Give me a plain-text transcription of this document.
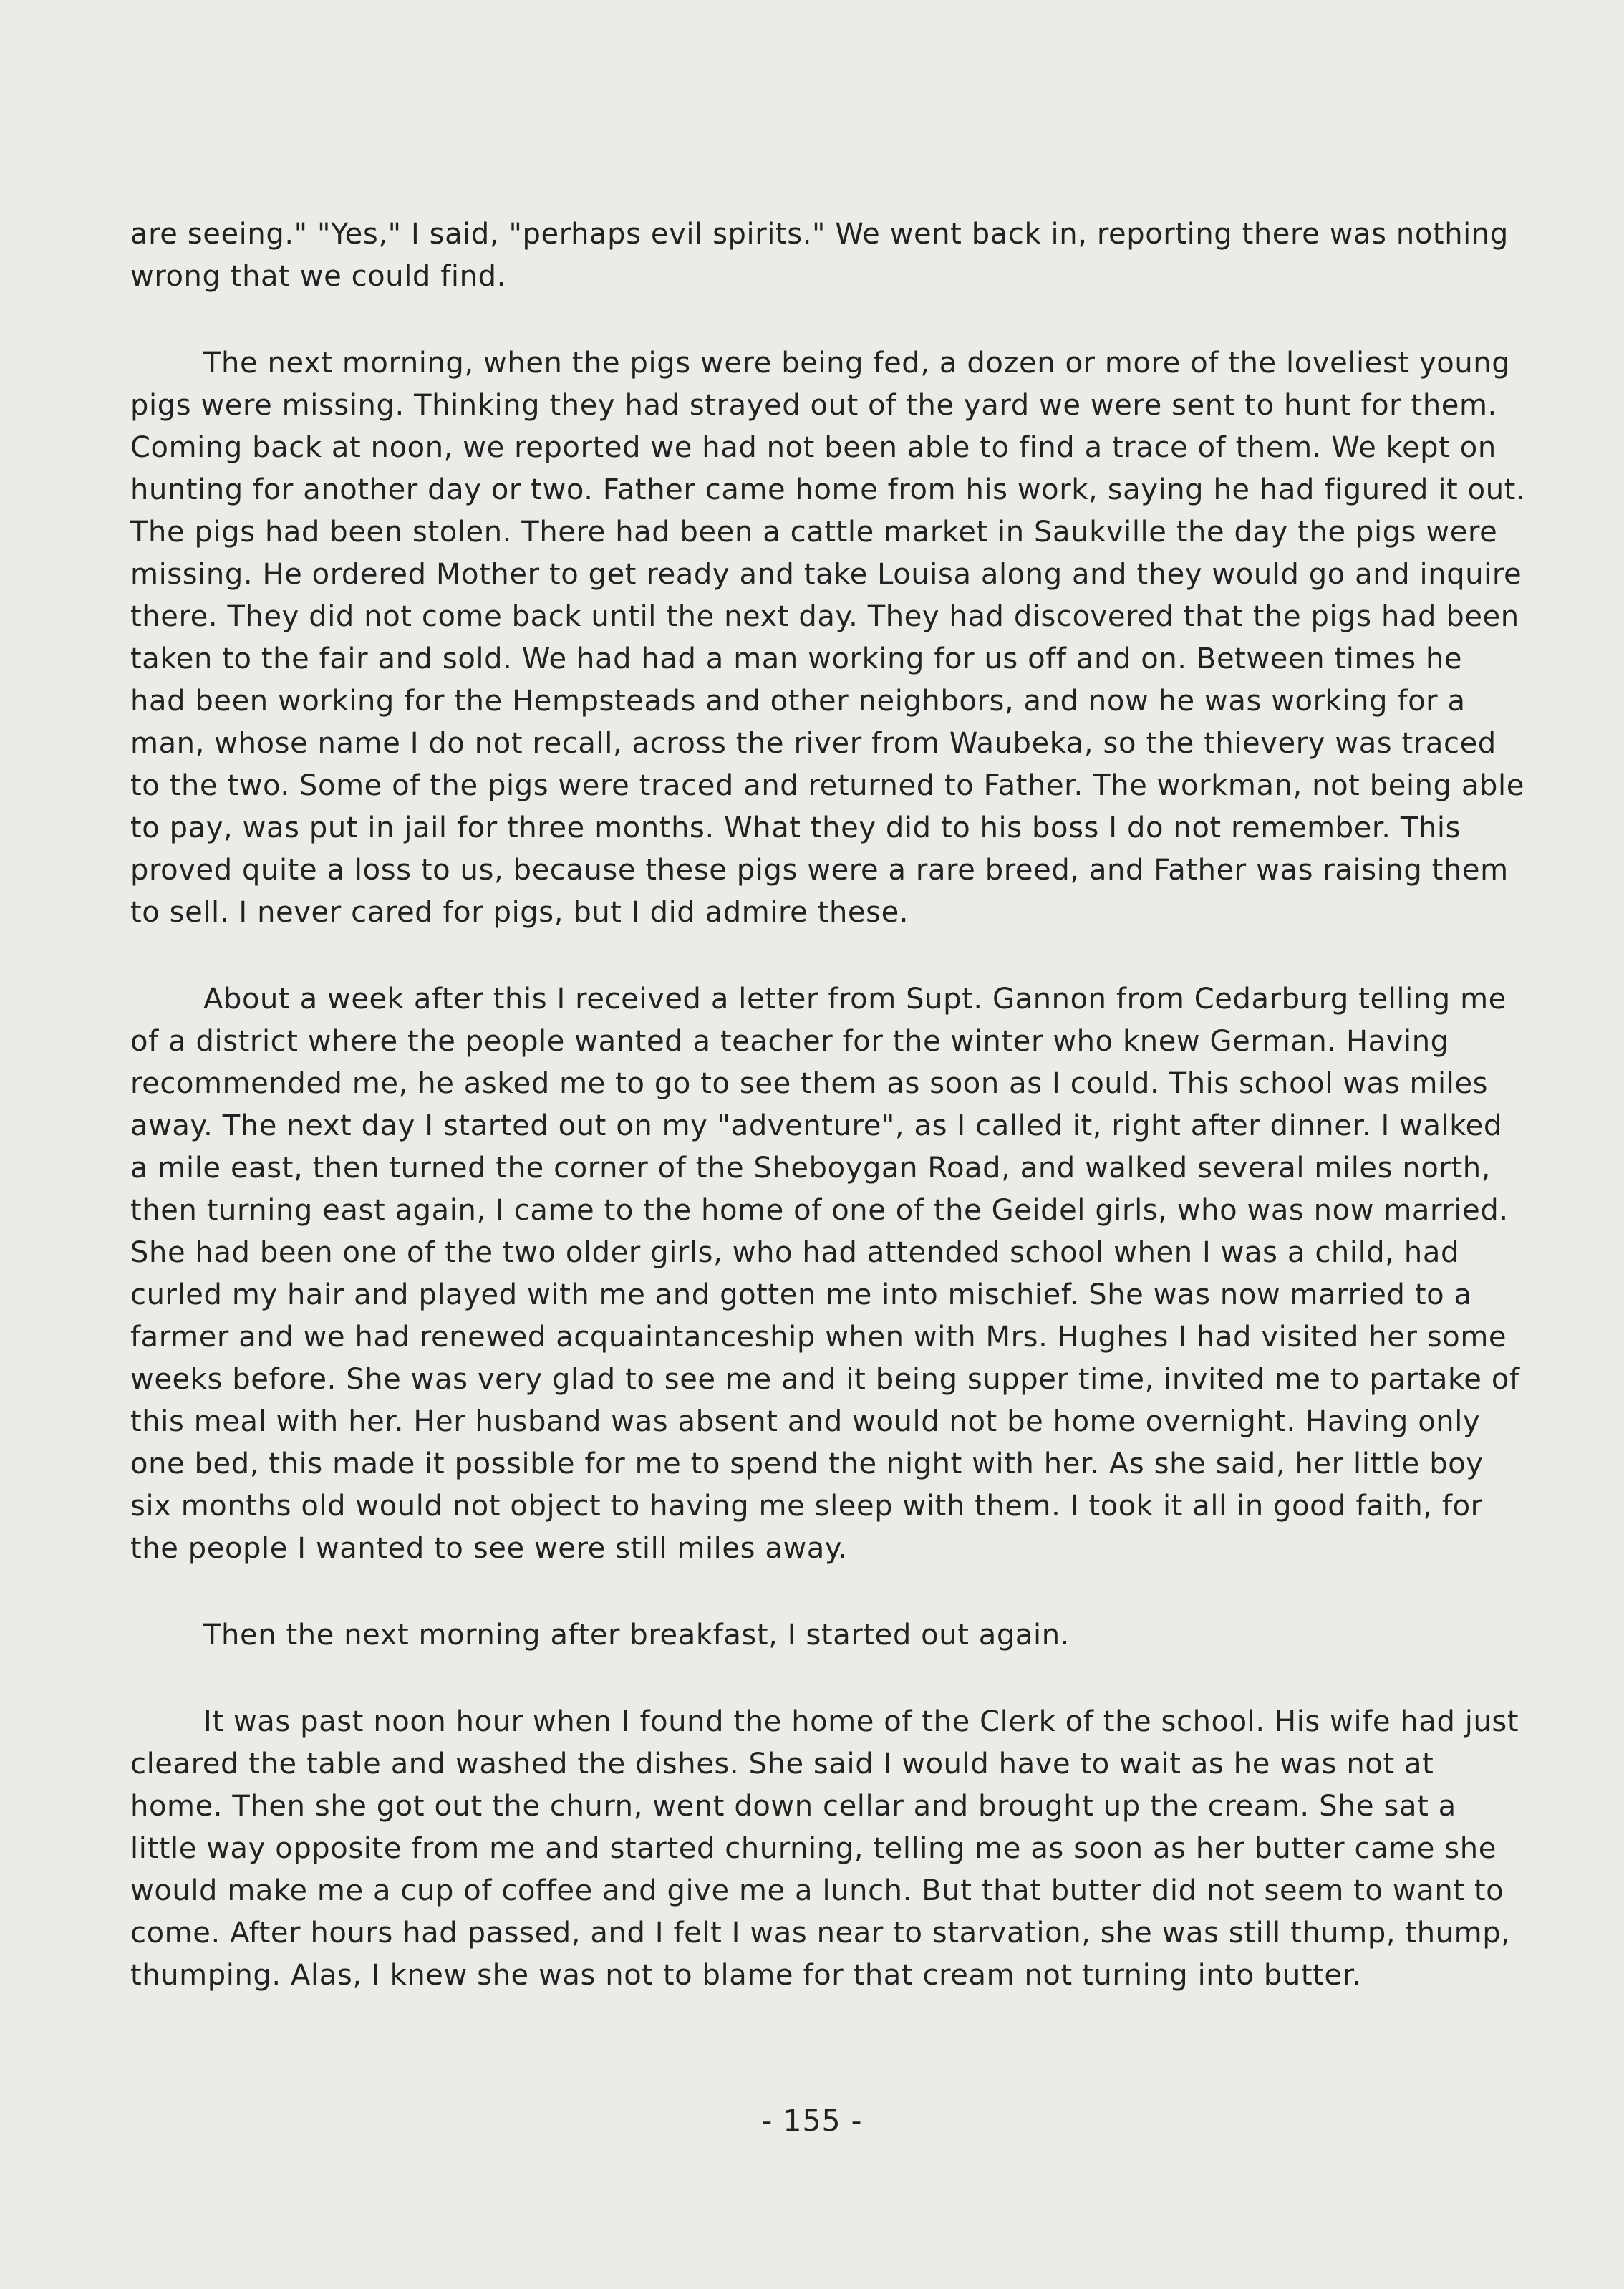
are seeing." "Yes," I said, "perhaps evil spirits." We went back in, reporting there was nothing wrong that we could find.

The next morning, when the pigs were being fed, a dozen or more of the loveliest young pigs were missing. Thinking they had strayed out of the yard we were sent to hunt for them. Coming back at noon, we reported we had not been able to find a trace of them. We kept on hunting for another day or two. Father came home from his work, saying he had figured it out. The pigs had been stolen. There had been a cattle market in Saukville the day the pigs were missing. He ordered Mother to get ready and take Louisa along and they would go and inquire there. They did not come back until the next day. They had discovered that the pigs had been taken to the fair and sold. We had had a man working for us off and on. Between times he had been working for the Hempsteads and other neighbors, and now he was working for a man, whose name I do not recall, across the river from Waubeka, so the thievery was traced to the two. Some of the pigs were traced and returned to Father. The workman, not being able to pay, was put in jail for three months. What they did to his boss I do not remember. This proved quite a loss to us, because these pigs were a rare breed, and Father was raising them to sell. I never cared for pigs, but I did admire these.

About a week after this I received a letter from Supt. Gannon from Cedarburg telling me of a district where the people wanted a teacher for the winter who knew German. Having recommended me, he asked me to go to see them as soon as I could. This school was miles away. The next day I started out on my "adventure", as I called it, right after dinner. I walked a mile east, then turned the corner of the Sheboygan Road, and walked several miles north, then turning east again, I came to the home of one of the Geidel girls, who was now married. She had been one of the two older girls, who had attended school when I was a child, had curled my hair and played with me and gotten me into mischief. She was now married to a farmer and we had renewed acquaintanceship when with Mrs. Hughes I had visited her some weeks before. She was very glad to see me and it being supper time, invited me to partake of this meal with her. Her husband was absent and would not be home overnight. Having only one bed, this made it possible for me to spend the night with her. As she said, her little boy six months old would not object to having me sleep with them. I took it all in good faith, for the people I wanted to see were still miles away.

Then the next morning after breakfast, I started out again.

It was past noon hour when I found the home of the Clerk of the school. His wife had just cleared the table and washed the dishes. She said I would have to wait as he was not at home. Then she got out the churn, went down cellar and brought up the cream. She sat a little way opposite from me and started churning, telling me as soon as her butter came she would make me a cup of coffee and give me a lunch. But that butter did not seem to want to come. After hours had passed, and I felt I was near to starvation, she was still thump, thump, thumping. Alas, I knew she was not to blame for that cream not turning into butter.

- 155 -
